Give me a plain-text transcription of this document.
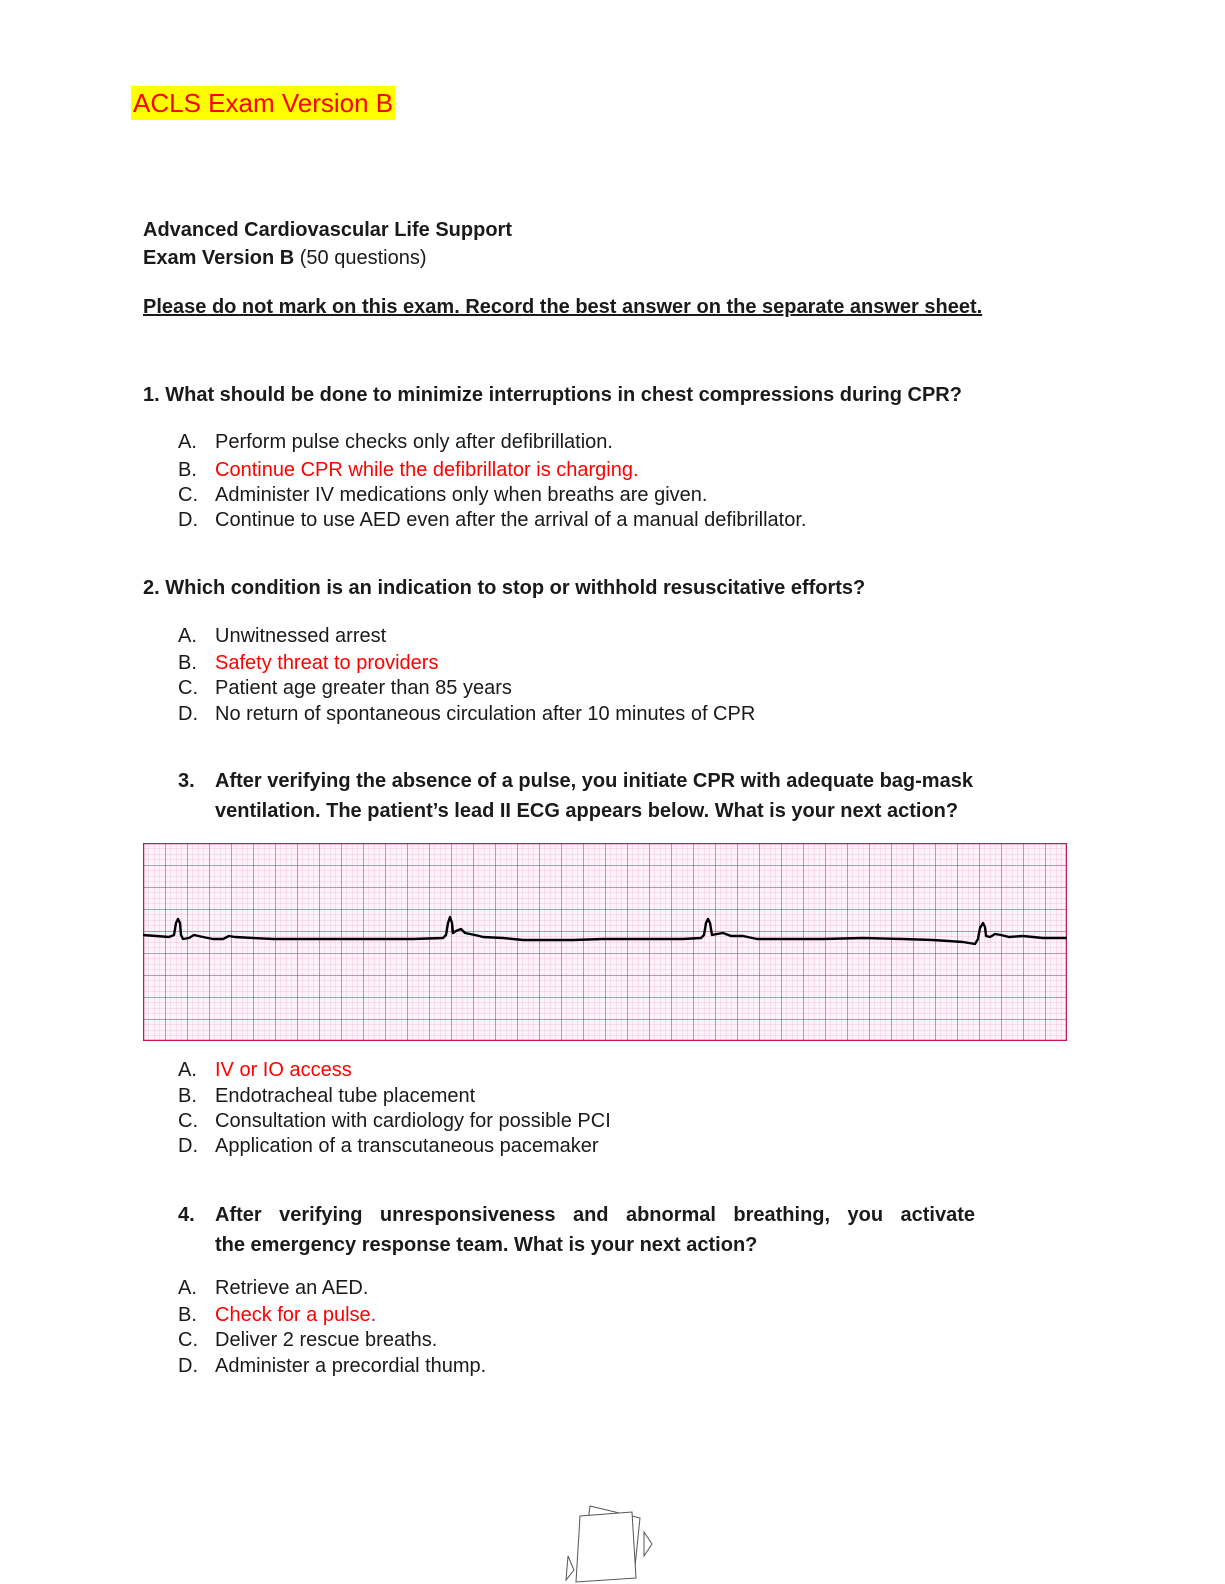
ACLS Exam Version B
Advanced Cardiovascular Life Support
Exam Version B (50 questions)
Please do not mark on this exam. Record the best answer on the separate answer sheet.
1. What should be done to minimize interruptions in chest compressions during CPR?
A. Perform pulse checks only after defibrillation.
B. Continue CPR while the defibrillator is charging.
C. Administer IV medications only when breaths are given.
D. Continue to use AED even after the arrival of a manual defibrillator.
2. Which condition is an indication to stop or withhold resuscitative efforts?
A. Unwitnessed arrest
B. Safety threat to providers
C. Patient age greater than 85 years
D. No return of spontaneous circulation after 10 minutes of CPR
3. After verifying the absence of a pulse, you initiate CPR with adequate bag-mask
ventilation. The patient’s lead II ECG appears below. What is your next action?
A. IV or IO access
B. Endotracheal tube placement
C. Consultation with cardiology for possible PCI
D. Application of a transcutaneous pacemaker
4. After verifying unresponsiveness and abnormal breathing, you activate
the emergency response team. What is your next action?
A. Retrieve an AED.
B. Check for a pulse.
C. Deliver 2 rescue breaths.
D. Administer a precordial thump.
